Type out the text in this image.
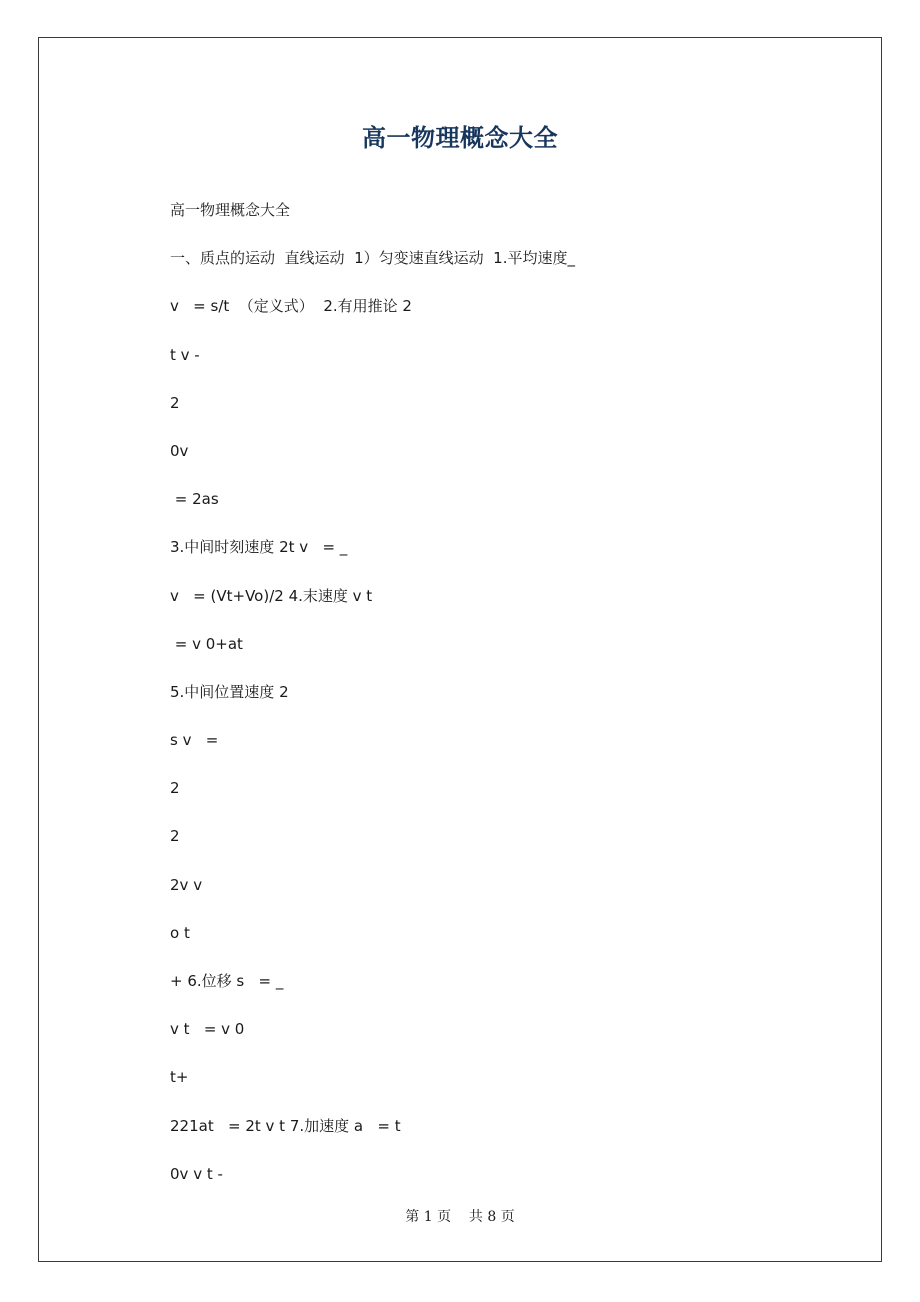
高一物理概念大全
高一物理概念大全
一、质点的运动  直线运动  1）匀变速直线运动  1.平均速度_
v   = s/t  （定义式）  2.有用推论 2
t v -
2
0v
= 2as
3.中间时刻速度 2t v   = _
v   = (Vt+Vo)/2 4.末速度 v t
= v 0+at
5.中间位置速度 2
s v   =
2
2
2v v
o t
+ 6.位移 s   = _
v t   = v 0
t+
221at   = 2t v t 7.加速度 a   = t
0v v t -
第 1 页 共 8 页
